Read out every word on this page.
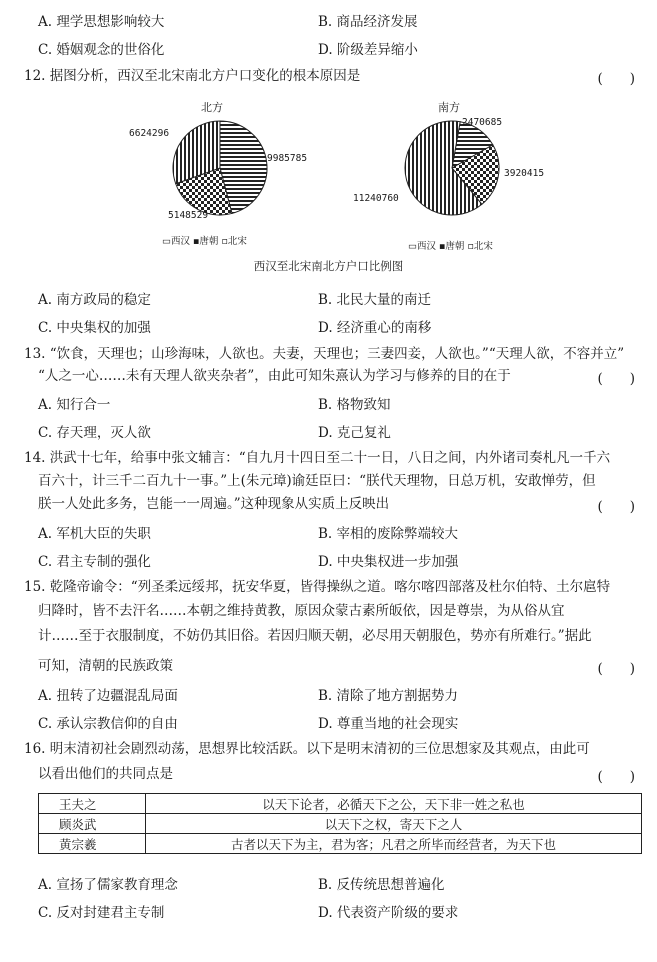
A. 理学思想影响较大	B. 商品经济发展
C. 婚姻观念的世俗化	D. 阶级差异缩小
12. 据图分析，西汉至北宋南北方户口变化的根本原因是	(　　)
北方	南方
6624296
9985785
5148529
▭西汉 ▪唐朝 ▫北宋
2470685
3920415
11240760
▭西汉 ▪唐朝 ▫北宋
西汉至北宋南北方户口比例图
A. 南方政局的稳定	B. 北民大量的南迁
C. 中央集权的加强	D. 经济重心的南移
13. “饮食，天理也；山珍海味，人欲也。夫妻，天理也；三妻四妾，人欲也。”“天理人欲，不容并立”
“人之一心……未有天理人欲夹杂者”，由此可知朱熹认为学习与修养的目的在于	(　　)
A. 知行合一	B. 格物致知
C. 存天理，灭人欲	D. 克己复礼
14. 洪武十七年，给事中张文辅言：“自九月十四日至二十一日，八日之间，内外诸司奏札凡一千六
百六十，计三千二百九十一事。”上(朱元璋)谕廷臣曰：“朕代天理物，日总万机，安敢惮劳，但
朕一人处此多务，岂能一一周遍。”这种现象从实质上反映出	(　　)
A. 军机大臣的失职	B. 宰相的废除弊端较大
C. 君主专制的强化	D. 中央集权进一步加强
15. 乾隆帝谕令：“列圣柔远绥邦，抚安华夏，皆得操纵之道。喀尔喀四部落及杜尔伯特、土尔扈特
归降时，皆不去汗名……本朝之维持黄教，原因众蒙古素所皈依，因是尊崇，为从俗从宜
计……至于衣服制度，不妨仍其旧俗。若因归顺天朝，必尽用天朝服色，势亦有所难行。”据此
可知，清朝的民族政策	(　　)
A. 扭转了边疆混乱局面	B. 清除了地方割据势力
C. 承认宗教信仰的自由	D. 尊重当地的社会现实
16. 明末清初社会剧烈动荡，思想界比较活跃。以下是明末清初的三位思想家及其观点，由此可
以看出他们的共同点是	(　　)
王夫之	以天下论者，必循天下之公，天下非一姓之私也
顾炎武	以天下之权，寄天下之人
黄宗羲	古者以天下为主，君为客；凡君之所毕而经营者，为天下也
A. 宣扬了儒家教育理念	B. 反传统思想普遍化
C. 反对封建君主专制	D. 代表资产阶级的要求
